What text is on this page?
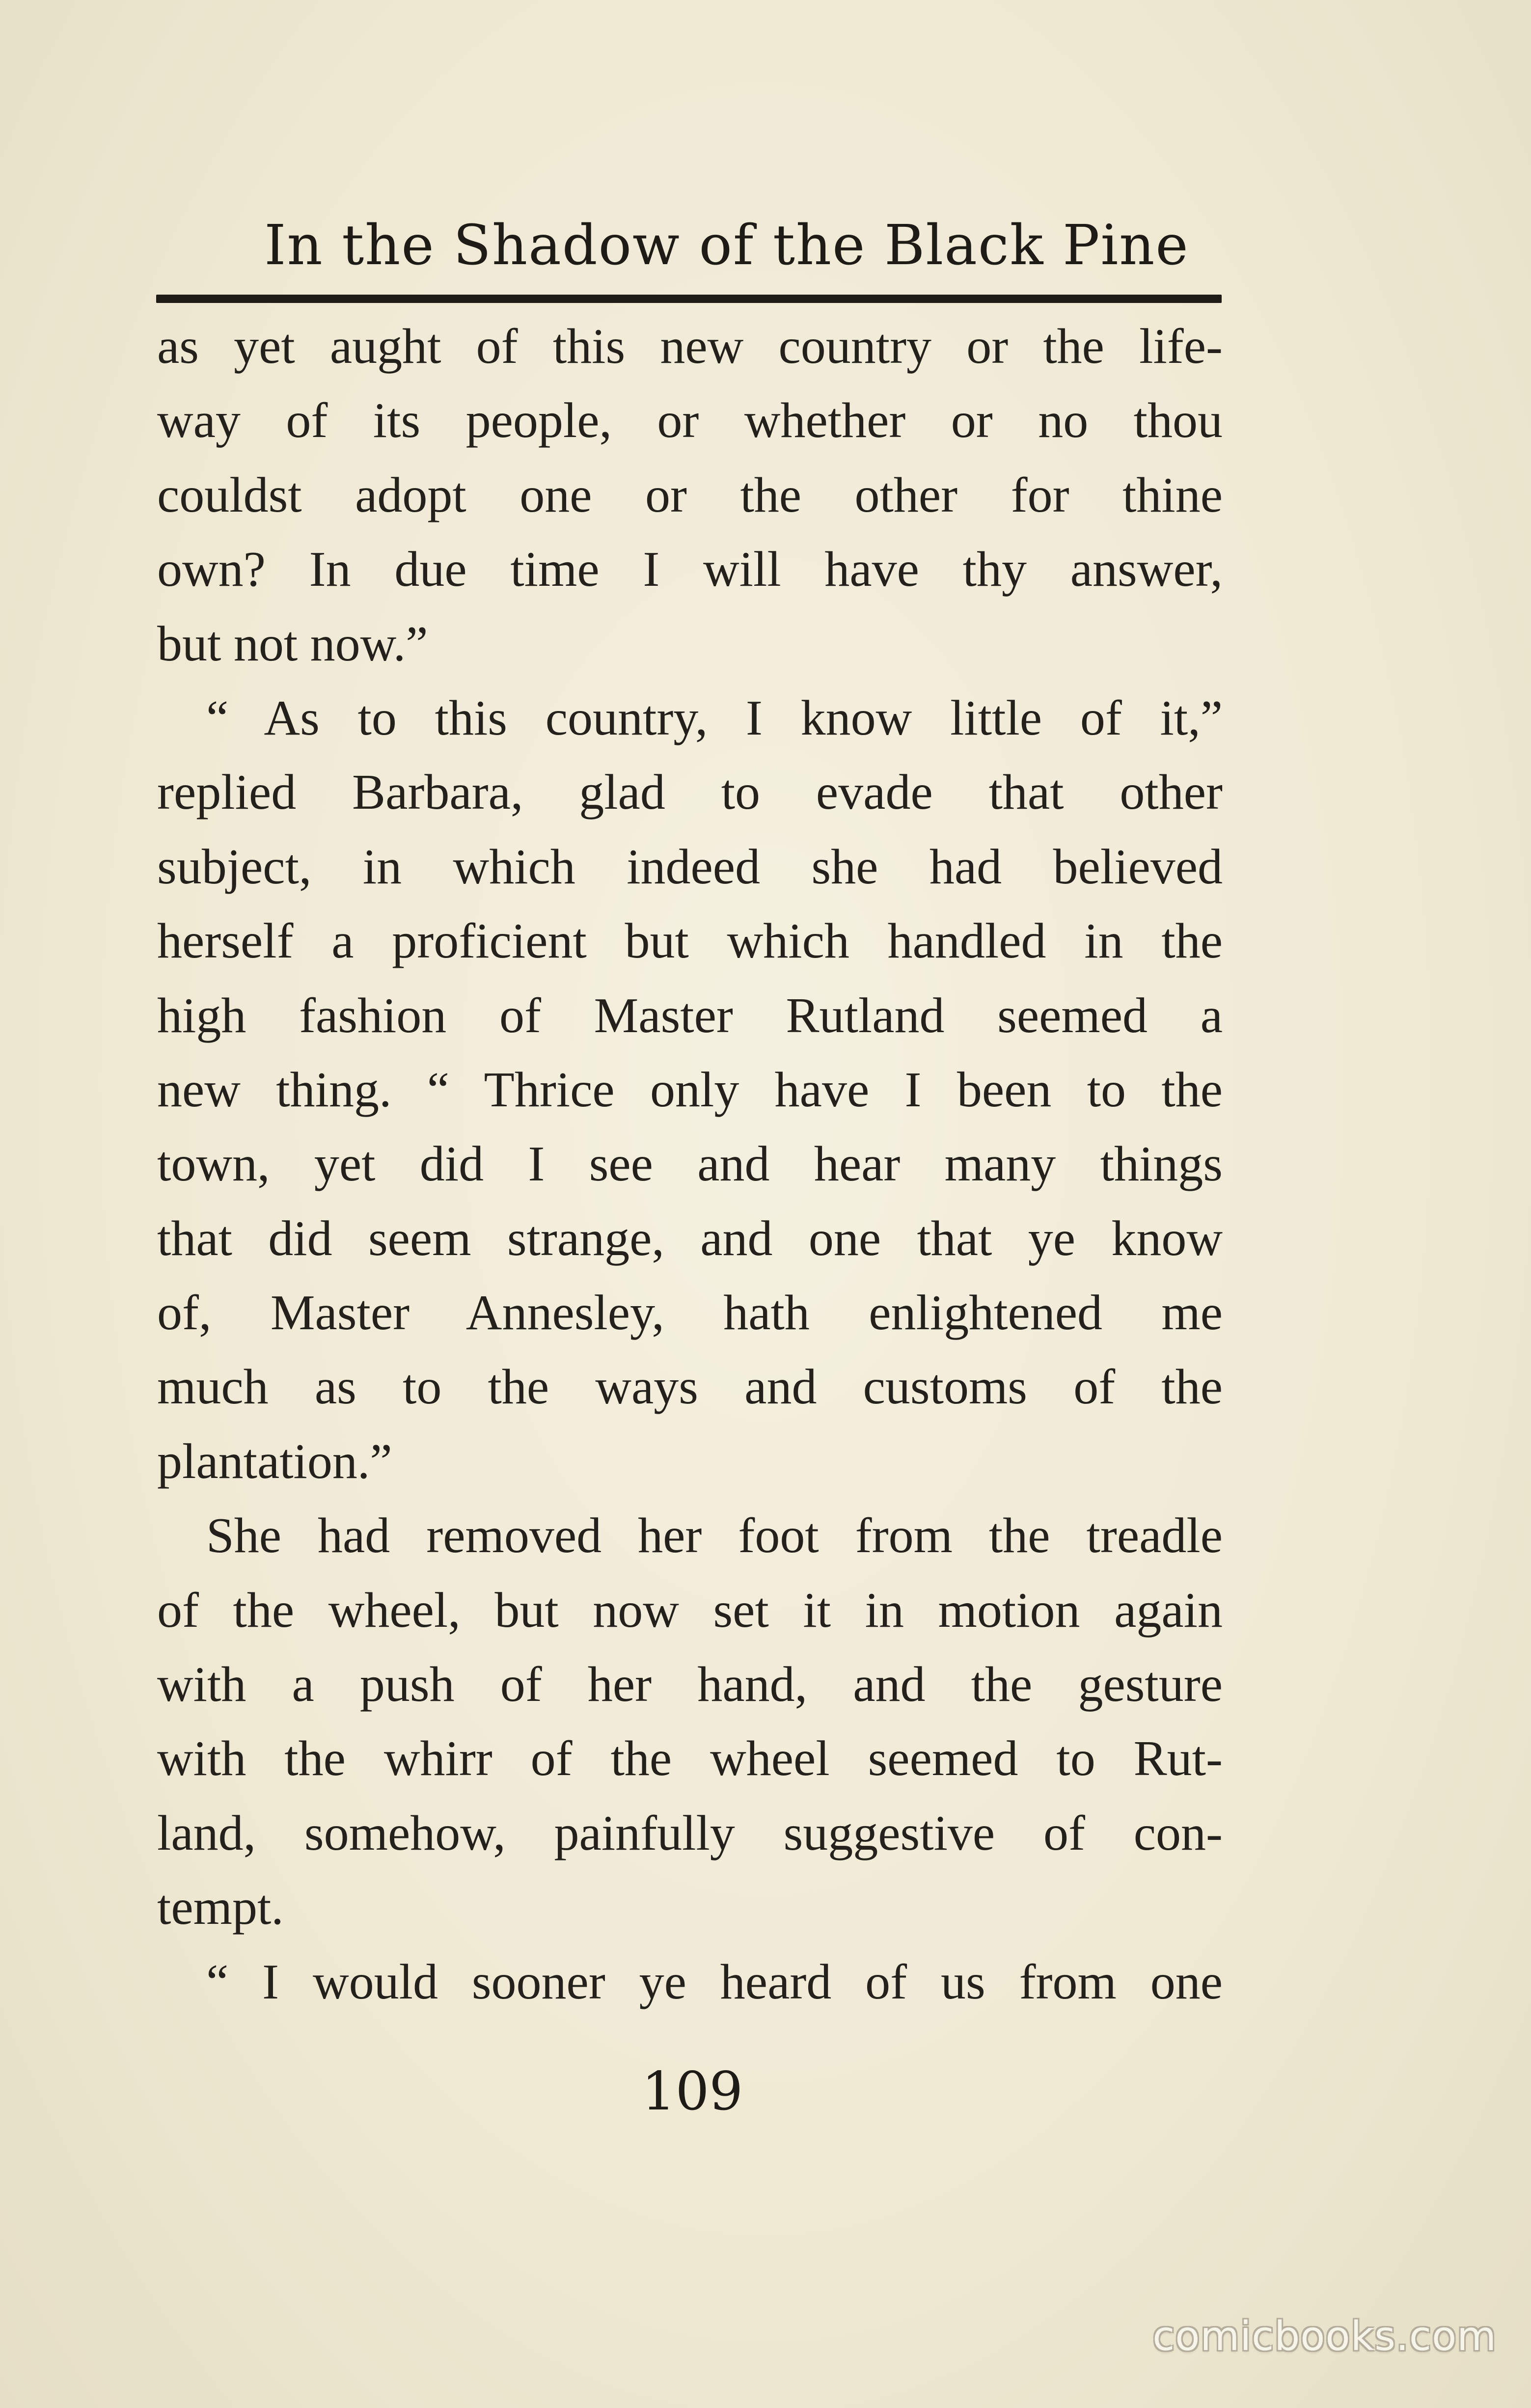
In the Shadow of the Black Pine
as yet aught of this new country or the life-
way of its people, or whether or no thou
couldst adopt one or the other for thine
own? In due time I will have thy answer,
but not now.”
“ As to this country, I know little of it,”
replied Barbara, glad to evade that other
subject, in which indeed she had believed
herself a proficient but which handled in the
high fashion of Master Rutland seemed a
new thing. “ Thrice only have I been to the
town, yet did I see and hear many things
that did seem strange, and one that ye know
of, Master Annesley, hath enlightened me
much as to the ways and customs of the
plantation.”
She had removed her foot from the treadle
of the wheel, but now set it in motion again
with a push of her hand, and the gesture
with the whirr of the wheel seemed to Rut-
land, somehow, painfully suggestive of con-
tempt.
“ I would sooner ye heard of us from one
109
comicbooks.com
